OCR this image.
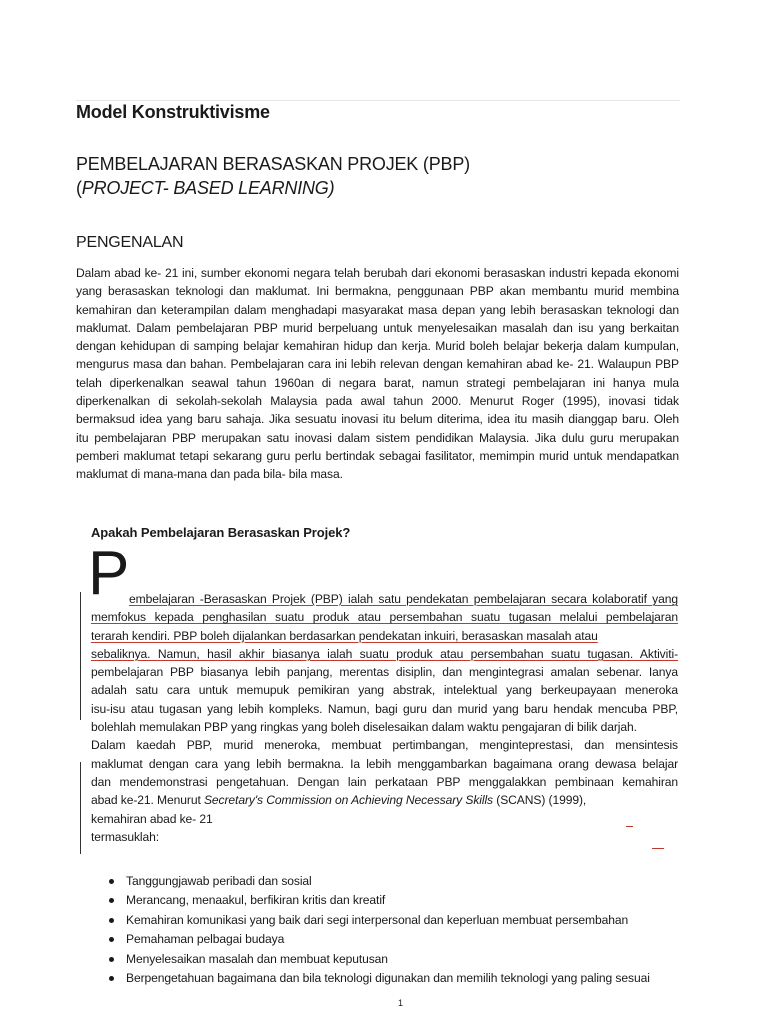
Model Konstruktivisme
PEMBELAJARAN BERASASKAN PROJEK (PBP)
(PROJECT- BASED LEARNING)
PENGENALAN
Dalam abad ke- 21 ini, sumber ekonomi negara telah berubah dari ekonomi berasaskan industri kepada ekonomi
yang berasaskan teknologi dan maklumat. Ini bermakna, penggunaan PBP akan membantu murid membina
kemahiran dan keterampilan dalam menghadapi masyarakat masa depan yang lebih berasaskan teknologi dan
maklumat. Dalam pembelajaran PBP murid berpeluang untuk menyelesaikan masalah dan isu yang berkaitan
dengan kehidupan di samping belajar kemahiran hidup dan kerja. Murid boleh belajar bekerja dalam kumpulan,
mengurus masa dan bahan. Pembelajaran cara ini lebih relevan dengan kemahiran abad ke- 21. Walaupun PBP
telah diperkenalkan seawal tahun 1960an di negara barat, namun strategi pembelajaran ini hanya mula
diperkenalkan di sekolah-sekolah Malaysia pada awal tahun 2000. Menurut Roger (1995), inovasi tidak
bermaksud idea yang baru sahaja. Jika sesuatu inovasi itu belum diterima, idea itu masih dianggap baru. Oleh
itu pembelajaran PBP merupakan satu inovasi dalam sistem pendidikan Malaysia. Jika dulu guru merupakan
pemberi maklumat tetapi sekarang guru perlu bertindak sebagai fasilitator, memimpin murid untuk mendapatkan
maklumat di mana-mana dan pada bila- bila masa.
Apakah Pembelajaran Berasaskan Projek?
P embelajaran -Berasaskan Projek (PBP) ialah satu pendekatan pembelajaran secara kolaboratif yang
memfokus kepada penghasilan suatu produk atau persembahan suatu tugasan melalui pembelajaran
terarah kendiri. PBP boleh dijalankan berdasarkan pendekatan inkuiri, berasaskan masalah atau
sebaliknya. Namun, hasil akhir biasanya ialah suatu produk atau persembahan suatu tugasan. Aktiviti-
pembelajaran PBP biasanya lebih panjang, merentas disiplin, dan mengintegrasi amalan sebenar. Ianya
adalah satu cara untuk memupuk pemikiran yang abstrak, intelektual yang berkeupayaan meneroka
isu-isu atau tugasan yang lebih kompleks. Namun, bagi guru dan murid yang baru hendak mencuba PBP,
bolehlah memulakan PBP yang ringkas yang boleh diselesaikan dalam waktu pengajaran di bilik darjah.
Dalam kaedah PBP, murid meneroka, membuat pertimbangan, menginteprestasi, dan mensintesis
maklumat dengan cara yang lebih bermakna. Ia lebih menggambarkan bagaimana orang dewasa belajar
dan mendemonstrasi pengetahuan. Dengan lain perkataan PBP menggalakkan pembinaan kemahiran
abad ke-21. Menurut Secretary's Commission on Achieving Necessary Skills (SCANS) (1999),
kemahiran abad ke- 21
termasuklah:
Tanggungjawab peribadi dan sosial
Merancang, menaakul, berfikiran kritis dan kreatif
Kemahiran komunikasi yang baik dari segi interpersonal dan keperluan membuat persembahan
Pemahaman pelbagai budaya
Menyelesaikan masalah dan membuat keputusan
Berpengetahuan bagaimana dan bila teknologi digunakan dan memilih teknologi yang paling sesuai
1
